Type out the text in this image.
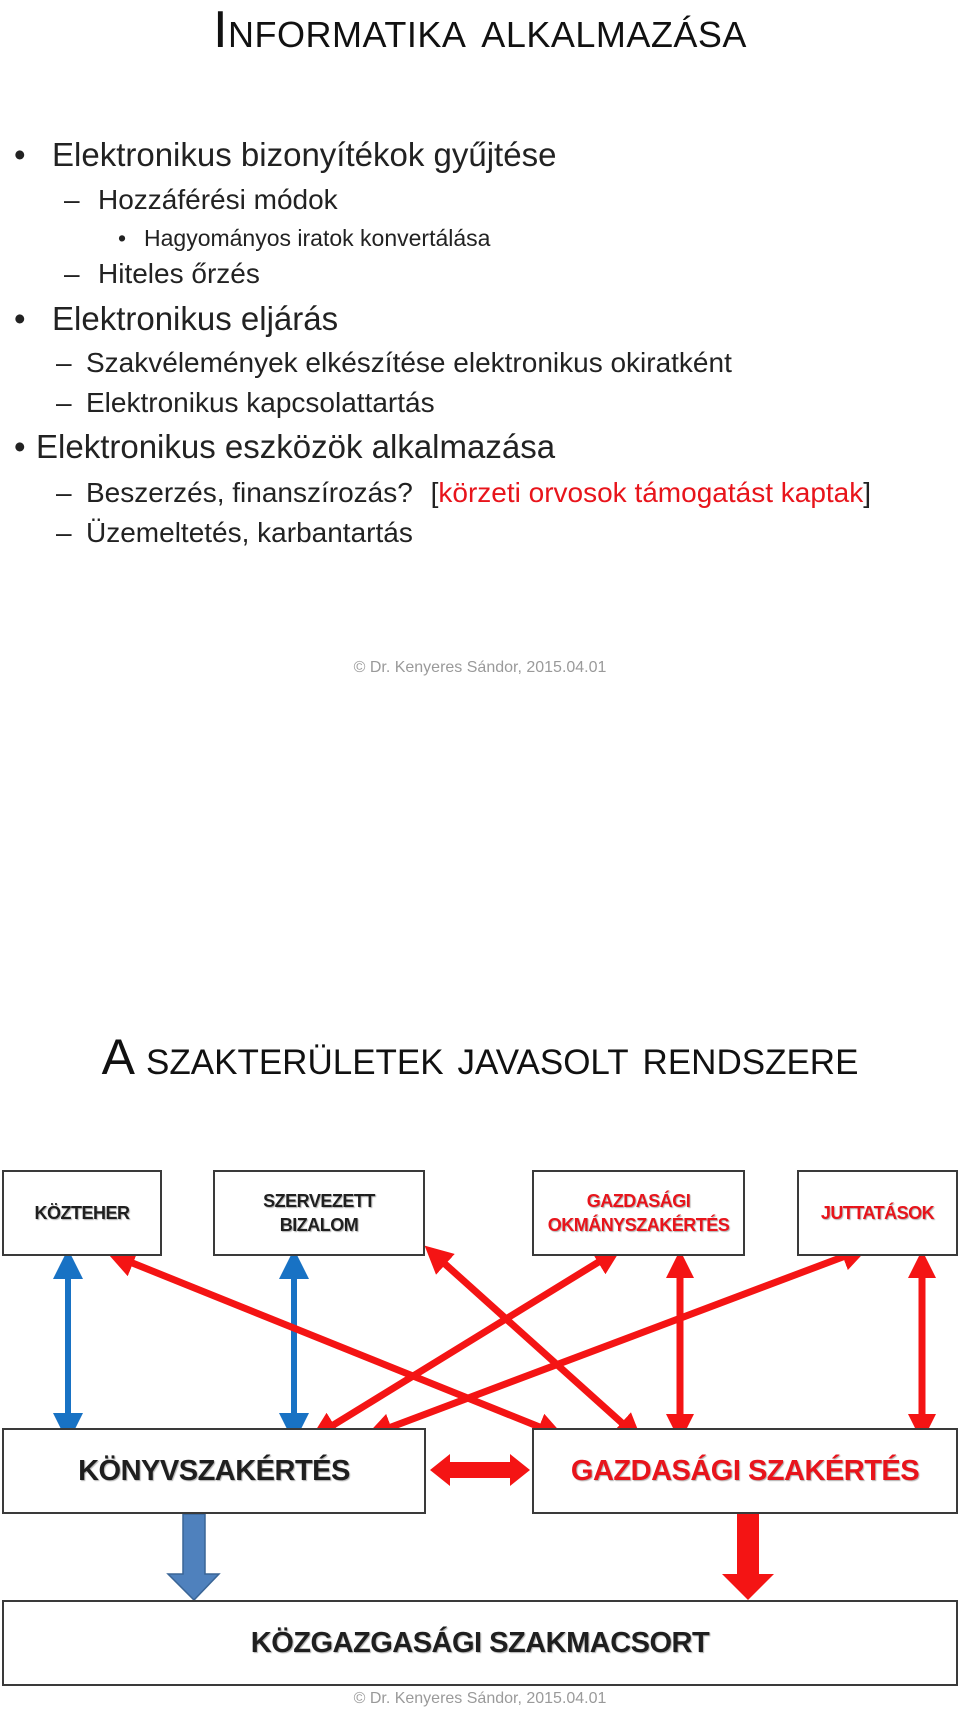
Informatika alkalmazása
• Elektronikus bizonyítékok gyűjtése
– Hozzáférési módok
• Hagyományos iratok konvertálása
– Hiteles őrzés
• Elektronikus eljárás
– Szakvélemények elkészítése elektronikus okiratként
– Elektronikus kapcsolattartás
• Elektronikus eszközök alkalmazása
– Beszerzés, finanszírozás? [körzeti orvosok támogatást kaptak]
– Üzemeltetés, karbantartás
© Dr. Kenyeres Sándor, 2015.04.01
A szakterületek javasolt rendszere
KÖZTEHER
SZERVEZETT
BIZALOM
GAZDASÁGI
OKMÁNYSZAKÉRTÉS
JUTTATÁSOK
KÖNYVSZAKÉRTÉS	GAZDASÁGI SZAKÉRTÉS
KÖZGAZGASÁGI SZAKMACSORT
© Dr. Kenyeres Sándor, 2015.04.01
